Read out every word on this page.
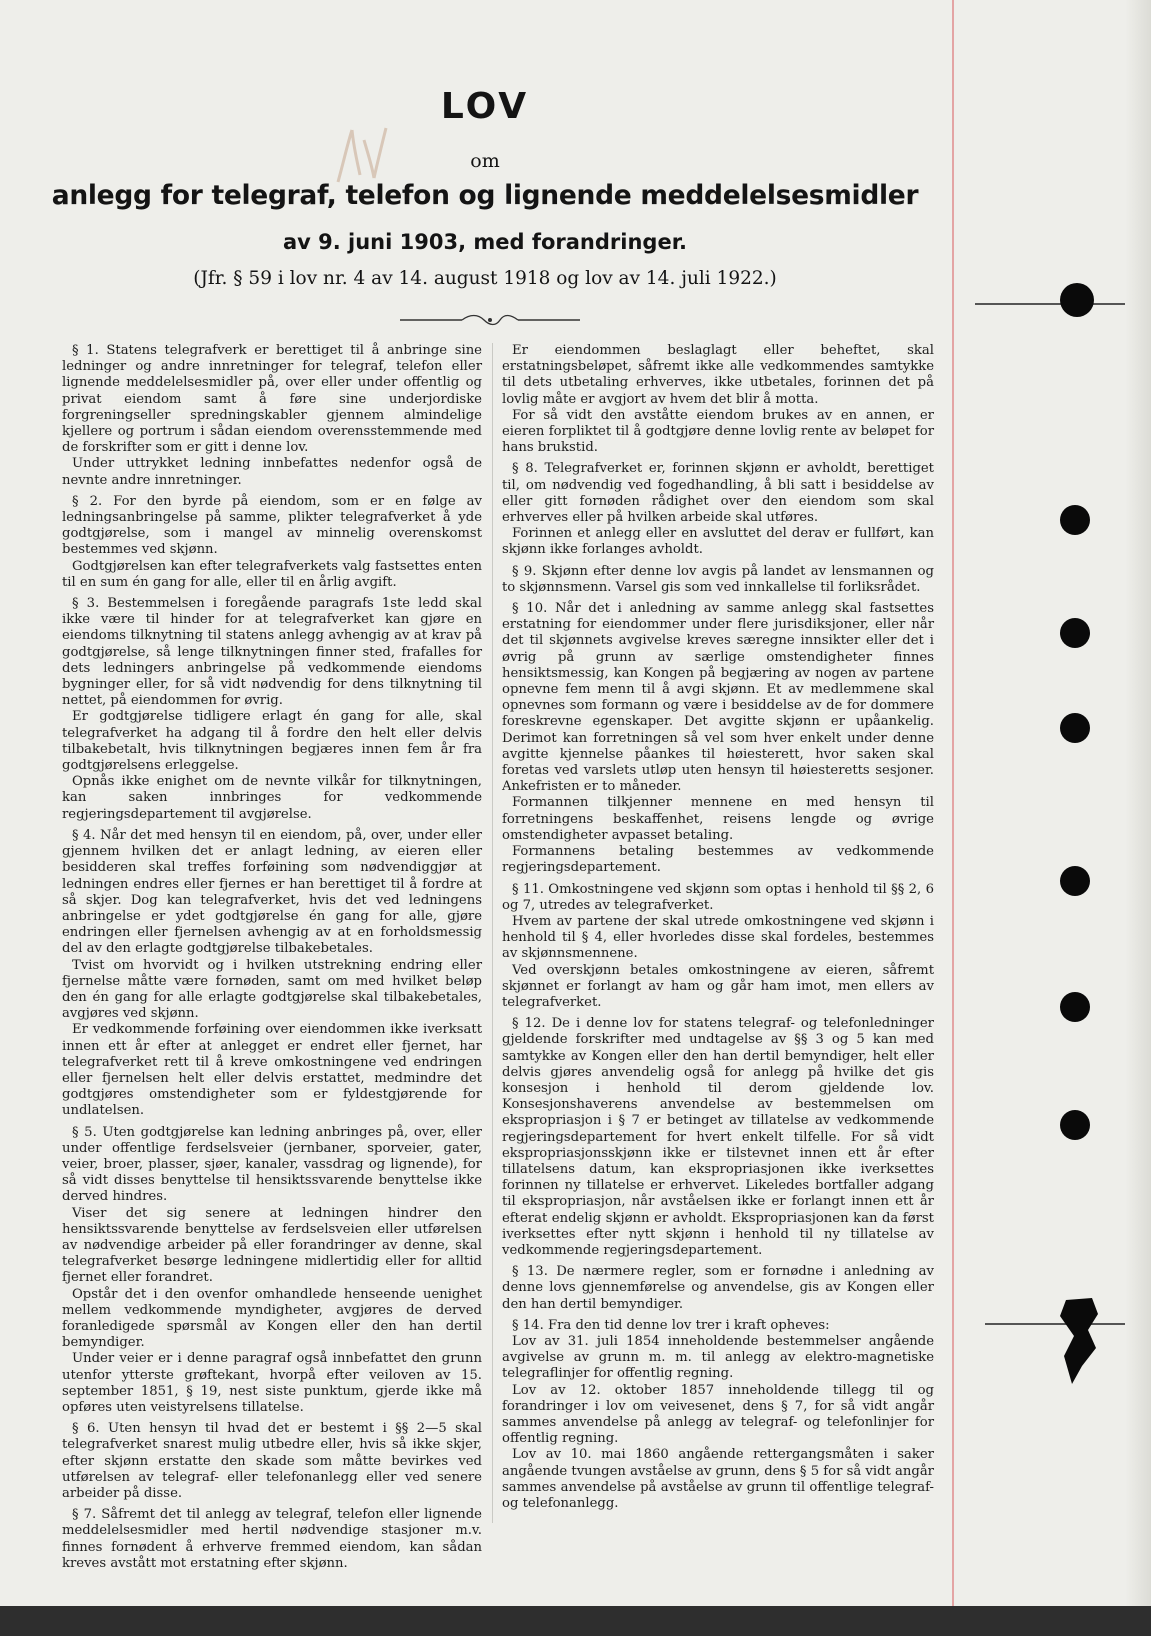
LOV
om
anlegg for telegraf, telefon og lignende meddelelsesmidler
av 9. juni 1903, med forandringer.
(Jfr. § 59 i lov nr. 4 av 14. august 1918 og lov av 14. juli 1922.)

§ 1. Statens telegrafverk er berettiget til å anbringe sine ledninger og andre innretninger for telegraf, telefon eller lignende meddelelsesmidler på, over eller under offentlig og privat eiendom samt å føre sine underjordiske forgreningseller spredningskabler gjennem almindelige kjellere og portrum i sådan eiendom overensstemmende med de forskrifter som er gitt i denne lov.

Under uttrykket ledning innbefattes nedenfor også de nevnte andre innretninger.

§ 2. For den byrde på eiendom, som er en følge av ledningsanbringelse på samme, plikter telegrafverket å yde godtgjørelse, som i mangel av minnelig overenskomst bestemmes ved skjønn.

Godtgjørelsen kan efter telegrafverkets valg fastsettes enten til en sum én gang for alle, eller til en årlig avgift.

§ 3. Bestemmelsen i foregående paragrafs 1ste ledd skal ikke være til hinder for at telegrafverket kan gjøre en eiendoms tilknytning til statens anlegg avhengig av at krav på godtgjørelse, så lenge tilknytningen finner sted, frafalles for dets ledningers anbringelse på vedkommende eiendoms bygninger eller, for så vidt nødvendig for dens tilknytning til nettet, på eiendommen for øvrig.

Er godtgjørelse tidligere erlagt én gang for alle, skal telegrafverket ha adgang til å fordre den helt eller delvis tilbakebetalt, hvis tilknytningen begjæres innen fem år fra godtgjørelsens erleggelse.

Opnås ikke enighet om de nevnte vilkår for tilknytningen, kan saken innbringes for vedkommende regjeringsdepartement til avgjørelse.

§ 4. Når det med hensyn til en eiendom, på, over, under eller gjennem hvilken det er anlagt ledning, av eieren eller besidderen skal treffes forføining som nødvendiggjør at ledningen endres eller fjernes er han berettiget til å fordre at så skjer. Dog kan telegrafverket, hvis det ved ledningens anbringelse er ydet godtgjørelse én gang for alle, gjøre endringen eller fjernelsen avhengig av at en forholdsmessig del av den erlagte godtgjørelse tilbakebetales.

Tvist om hvorvidt og i hvilken utstrekning endring eller fjernelse måtte være fornøden, samt om med hvilket beløp den én gang for alle erlagte godtgjørelse skal tilbakebetales, avgjøres ved skjønn.

Er vedkommende forføining over eiendommen ikke iverksatt innen ett år efter at anlegget er endret eller fjernet, har telegrafverket rett til å kreve omkostningene ved endringen eller fjernelsen helt eller delvis erstattet, medmindre det godtgjøres omstendigheter som er fyldestgjørende for undlatelsen.

§ 5. Uten godtgjørelse kan ledning anbringes på, over, eller under offentlige ferdselsveier (jernbaner, sporveier, gater, veier, broer, plasser, sjøer, kanaler, vassdrag og lignende), for så vidt disses benyttelse til hensiktssvarende benyttelse ikke derved hindres.

Viser det sig senere at ledningen hindrer den hensiktssvarende benyttelse av ferdselsveien eller utførelsen av nødvendige arbeider på eller forandringer av denne, skal telegrafverket besørge ledningene midlertidig eller for alltid fjernet eller forandret.

Opstår det i den ovenfor omhandlede henseende uenighet mellem vedkommende myndigheter, avgjøres de derved foranledigede spørsmål av Kongen eller den han dertil bemyndiger.

Under veier er i denne paragraf også innbefattet den grunn utenfor ytterste grøftekant, hvorpå efter veiloven av 15. september 1851, § 19, nest siste punktum, gjerde ikke må opføres uten veistyrelsens tillatelse.

§ 6. Uten hensyn til hvad det er bestemt i §§ 2—5 skal telegrafverket snarest mulig utbedre eller, hvis så ikke skjer, efter skjønn erstatte den skade som måtte bevirkes ved utførelsen av telegraf- eller telefonanlegg eller ved senere arbeider på disse.

§ 7. Såfremt det til anlegg av telegraf, telefon eller lignende meddelelsesmidler med hertil nødvendige stasjoner m.v. finnes fornødent å erhverve fremmed eiendom, kan sådan kreves avstått mot erstatning efter skjønn.

Er eiendommen beslaglagt eller beheftet, skal erstatningsbeløpet, såfremt ikke alle vedkommendes samtykke til dets utbetaling erhverves, ikke utbetales, forinnen det på lovlig måte er avgjort av hvem det blir å motta.

For så vidt den avståtte eiendom brukes av en annen, er eieren forpliktet til å godtgjøre denne lovlig rente av beløpet for hans brukstid.

§ 8. Telegrafverket er, forinnen skjønn er avholdt, berettiget til, om nødvendig ved fogedhandling, å bli satt i besiddelse av eller gitt fornøden rådighet over den eiendom som skal erhverves eller på hvilken arbeide skal utføres.

Forinnen et anlegg eller en avsluttet del derav er fullført, kan skjønn ikke forlanges avholdt.

§ 9. Skjønn efter denne lov avgis på landet av lensmannen og to skjønnsmenn. Varsel gis som ved innkallelse til forliksrådet.

§ 10. Når det i anledning av samme anlegg skal fastsettes erstatning for eiendommer under flere jurisdiksjoner, eller når det til skjønnets avgivelse kreves særegne innsikter eller det i øvrig på grunn av særlige omstendigheter finnes hensiktsmessig, kan Kongen på begjæring av nogen av partene opnevne fem menn til å avgi skjønn. Et av medlemmene skal opnevnes som formann og være i besiddelse av de for dommere foreskrevne egenskaper. Det avgitte skjønn er upåankelig. Derimot kan forretningen så vel som hver enkelt under denne avgitte kjennelse påankes til høiesterett, hvor saken skal foretas ved varslets utløp uten hensyn til høiesteretts sesjoner. Ankefristen er to måneder.

Formannen tilkjenner mennene en med hensyn til forretningens beskaffenhet, reisens lengde og øvrige omstendigheter avpasset betaling.

Formannens betaling bestemmes av vedkommende regjeringsdepartement.

§ 11. Omkostningene ved skjønn som optas i henhold til §§ 2, 6 og 7, utredes av telegrafverket.

Hvem av partene der skal utrede omkostningene ved skjønn i henhold til § 4, eller hvorledes disse skal fordeles, bestemmes av skjønnsmennene.

Ved overskjønn betales omkostningene av eieren, såfremt skjønnet er forlangt av ham og går ham imot, men ellers av telegrafverket.

§ 12. De i denne lov for statens telegraf- og telefonledninger gjeldende forskrifter med undtagelse av §§ 3 og 5 kan med samtykke av Kongen eller den han dertil bemyndiger, helt eller delvis gjøres anvendelig også for anlegg på hvilke det gis konsesjon i henhold til derom gjeldende lov. Konsesjonshaverens anvendelse av bestemmelsen om ekspropriasjon i § 7 er betinget av tillatelse av vedkommende regjeringsdepartement for hvert enkelt tilfelle. For så vidt ekspropriasjonsskjønn ikke er tilstevnet innen ett år efter tillatelsens datum, kan ekspropriasjonen ikke iverksettes forinnen ny tillatelse er erhvervet. Likeledes bortfaller adgang til ekspropriasjon, når avståelsen ikke er forlangt innen ett år efterat endelig skjønn er avholdt. Ekspropriasjonen kan da først iverksettes efter nytt skjønn i henhold til ny tillatelse av vedkommende regjeringsdepartement.

§ 13. De nærmere regler, som er fornødne i anledning av denne lovs gjennemførelse og anvendelse, gis av Kongen eller den han dertil bemyndiger.

§ 14. Fra den tid denne lov trer i kraft opheves:

Lov av 31. juli 1854 inneholdende bestemmelser angående avgivelse av grunn m. m. til anlegg av elektro-magnetiske telegraflinjer for offentlig regning.

Lov av 12. oktober 1857 inneholdende tillegg til og forandringer i lov om veivesenet, dens § 7, for så vidt angår sammes anvendelse på anlegg av telegraf- og telefonlinjer for offentlig regning.

Lov av 10. mai 1860 angående rettergangsmåten i saker angående tvungen avståelse av grunn, dens § 5 for så vidt angår sammes anvendelse på avståelse av grunn til offentlige telegraf- og telefonanlegg.
